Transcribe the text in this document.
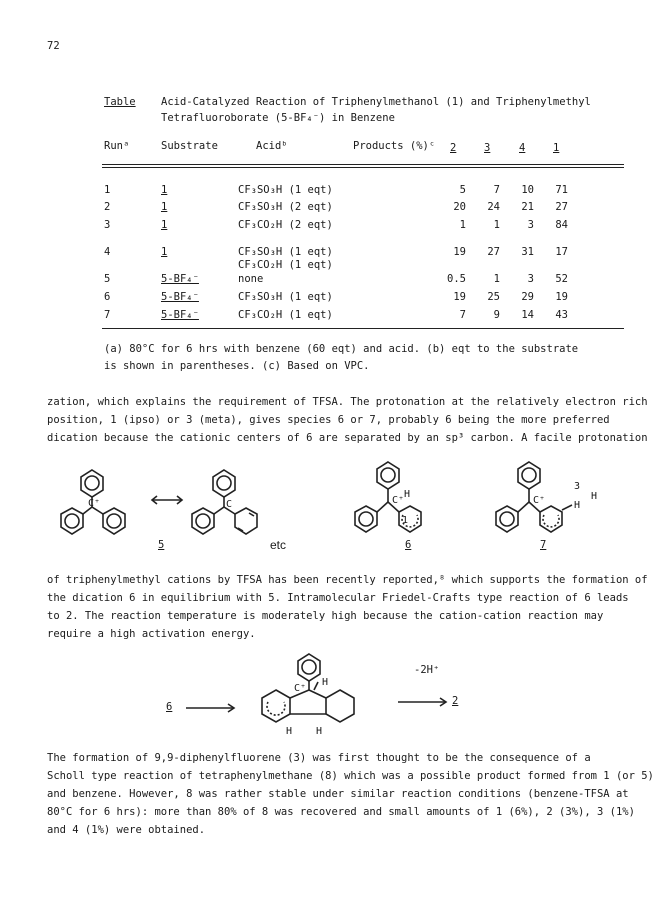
72
Table Acid-Catalyzed Reaction of Triphenylmethanol (1) and Triphenylmethyl
Tetrafluoroborate (5-BF₄⁻) in Benzene
Runᵃ	Substrate	Acidᵇ	Products (%)ᶜ 2	3	4	1
1	1	CF₃SO₃H (1 eqt)	5	7	10	71
2	1	CF₃SO₃H (2 eqt)	20	24	21	27
3	1	CF₃CO₂H (2 eqt)	1	1	3	84
4	1	CF₃SO₃H (1 eqt)	19	27	31	17
CF₃CO₂H (1 eqt)
5	5-BF₄⁻	none	0.5	1	3	52
6	5-BF₄⁻	CF₃SO₃H (1 eqt)	19	25	29	19
7	5-BF₄⁻	CF₃CO₂H (1 eqt)	7	9	14	43
(a) 80°C for 6 hrs with benzene (60 eqt) and acid. (b) eqt to the substrate
is shown in parentheses. (c) Based on VPC.
zation, which explains the requirement of TFSA. The protonation at the relatively electron rich
position, 1 (ipso) or 3 (meta), gives species 6 or 7, probably 6 being the more preferred
dication because the cationic centers of 6 are separated by an sp³ carbon. A facile protonation
C⁺	C
5	etc
C⁺
H
1
6
C⁺
3
H
H
7
of triphenylmethyl cations by TFSA has been recently reported,⁸ which supports the formation of
the dication 6 in equilibrium with 5. Intramolecular Friedel-Crafts type reaction of 6 leads
to 2. The reaction temperature is moderately high because the cation-cation reaction may
require a high activation energy.
6
C⁺
H
H H
-2H⁺
2
The formation of 9,9-diphenylfluorene (3) was first thought to be the consequence of a
Scholl type reaction of tetraphenylmethane (8) which was a possible product formed from 1 (or 5)
and benzene. However, 8 was rather stable under similar reaction conditions (benzene-TFSA at
80°C for 6 hrs): more than 80% of 8 was recovered and small amounts of 1 (6%), 2 (3%), 3 (1%)
and 4 (1%) were obtained.
